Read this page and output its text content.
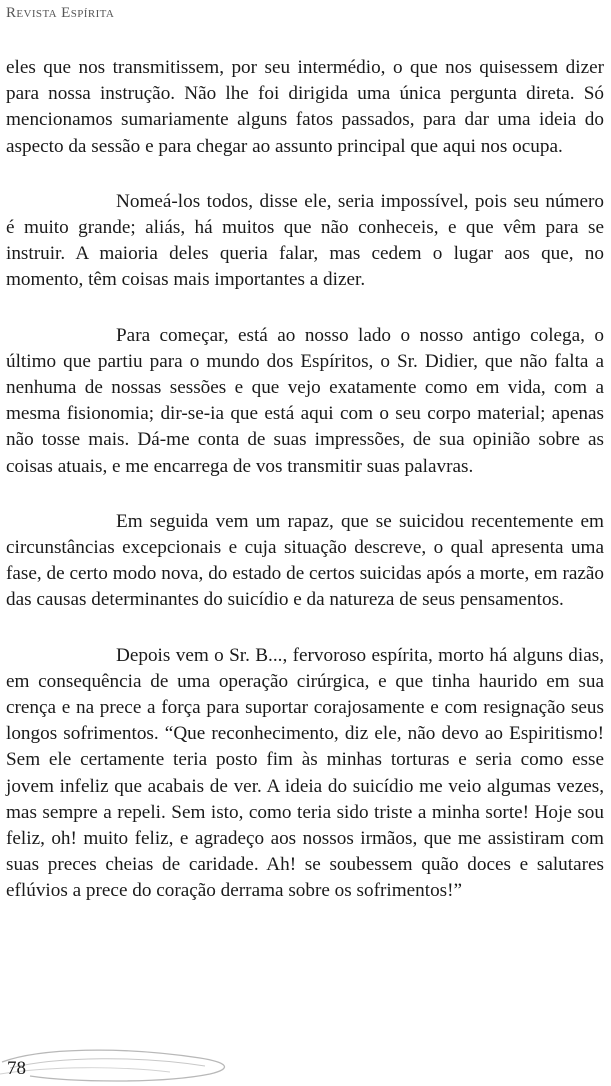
Revista Espírita

eles que nos transmitissem, por seu intermédio, o que nos quisessem dizer para nossa instrução. Não lhe foi dirigida uma única pergunta direta. Só mencionamos sumariamente alguns fatos passados, para dar uma ideia do aspecto da sessão e para chegar ao assunto principal que aqui nos ocupa.

Nomeá-los todos, disse ele, seria impossível, pois seu número é muito grande; aliás, há muitos que não conheceis, e que vêm para se instruir. A maioria deles queria falar, mas cedem o lugar aos que, no momento, têm coisas mais importantes a dizer.

Para começar, está ao nosso lado o nosso antigo colega, o último que partiu para o mundo dos Espíritos, o Sr. Didier, que não falta a nenhuma de nossas sessões e que vejo exatamente como em vida, com a mesma fisionomia; dir-se-ia que está aqui com o seu corpo material; apenas não tosse mais. Dá-me conta de suas impressões, de sua opinião sobre as coisas atuais, e me encarrega de vos transmitir suas palavras.

Em seguida vem um rapaz, que se suicidou recentemente em circunstâncias excepcionais e cuja situação descreve, o qual apresenta uma fase, de certo modo nova, do estado de certos suicidas após a morte, em razão das causas determinantes do suicídio e da natureza de seus pensamentos.

Depois vem o Sr. B..., fervoroso espírita, morto há alguns dias, em consequência de uma operação cirúrgica, e que tinha haurido em sua crença e na prece a força para suportar corajosamente e com resignação seus longos sofrimentos. “Que reconhecimento, diz ele, não devo ao Espiritismo! Sem ele certamente teria posto fim às minhas torturas e seria como esse jovem infeliz que acabais de ver. A ideia do suicídio me veio algumas vezes, mas sempre a repeli. Sem isto, como teria sido triste a minha sorte! Hoje sou feliz, oh! muito feliz, e agradeço aos nossos irmãos, que me assistiram com suas preces cheias de caridade. Ah! se soubessem quão doces e salutares eflúvios a prece do coração derrama sobre os sofrimentos!”

78
